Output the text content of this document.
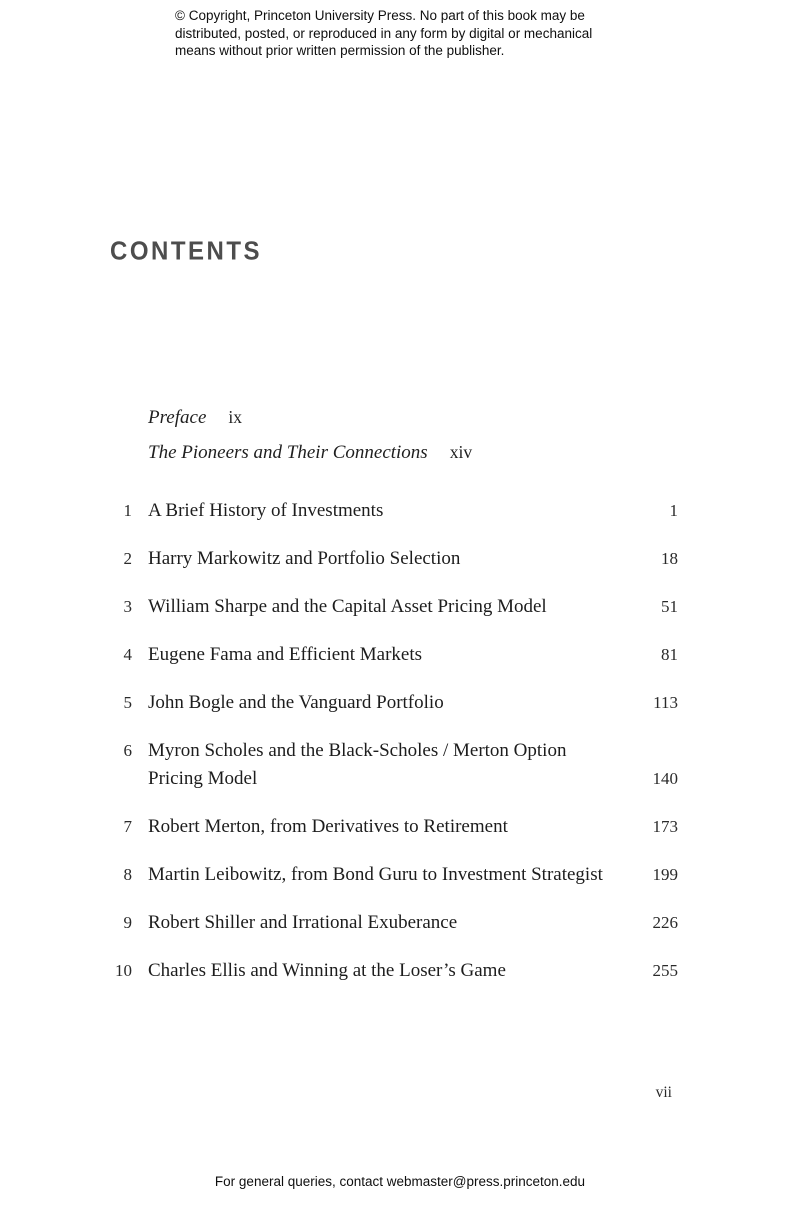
© Copyright, Princeton University Press. No part of this book may be distributed, posted, or reproduced in any form by digital or mechanical means without prior written permission of the publisher.
CONTENTS
Preface ix
The Pioneers and Their Connections xiv
1 A Brief History of Investments	1
2 Harry Markowitz and Portfolio Selection	18
3 William Sharpe and the Capital Asset Pricing Model	51
4 Eugene Fama and Efficient Markets	81
5 John Bogle and the Vanguard Portfolio	113
6 Myron Scholes and the Black-Scholes / Merton Option Pricing Model	140
7 Robert Merton, from Derivatives to Retirement	173
8 Martin Leibowitz, from Bond Guru to Investment Strategist	199
9 Robert Shiller and Irrational Exuberance	226
10 Charles Ellis and Winning at the Loser’s Game	255
vii
For general queries, contact webmaster@press.princeton.edu
